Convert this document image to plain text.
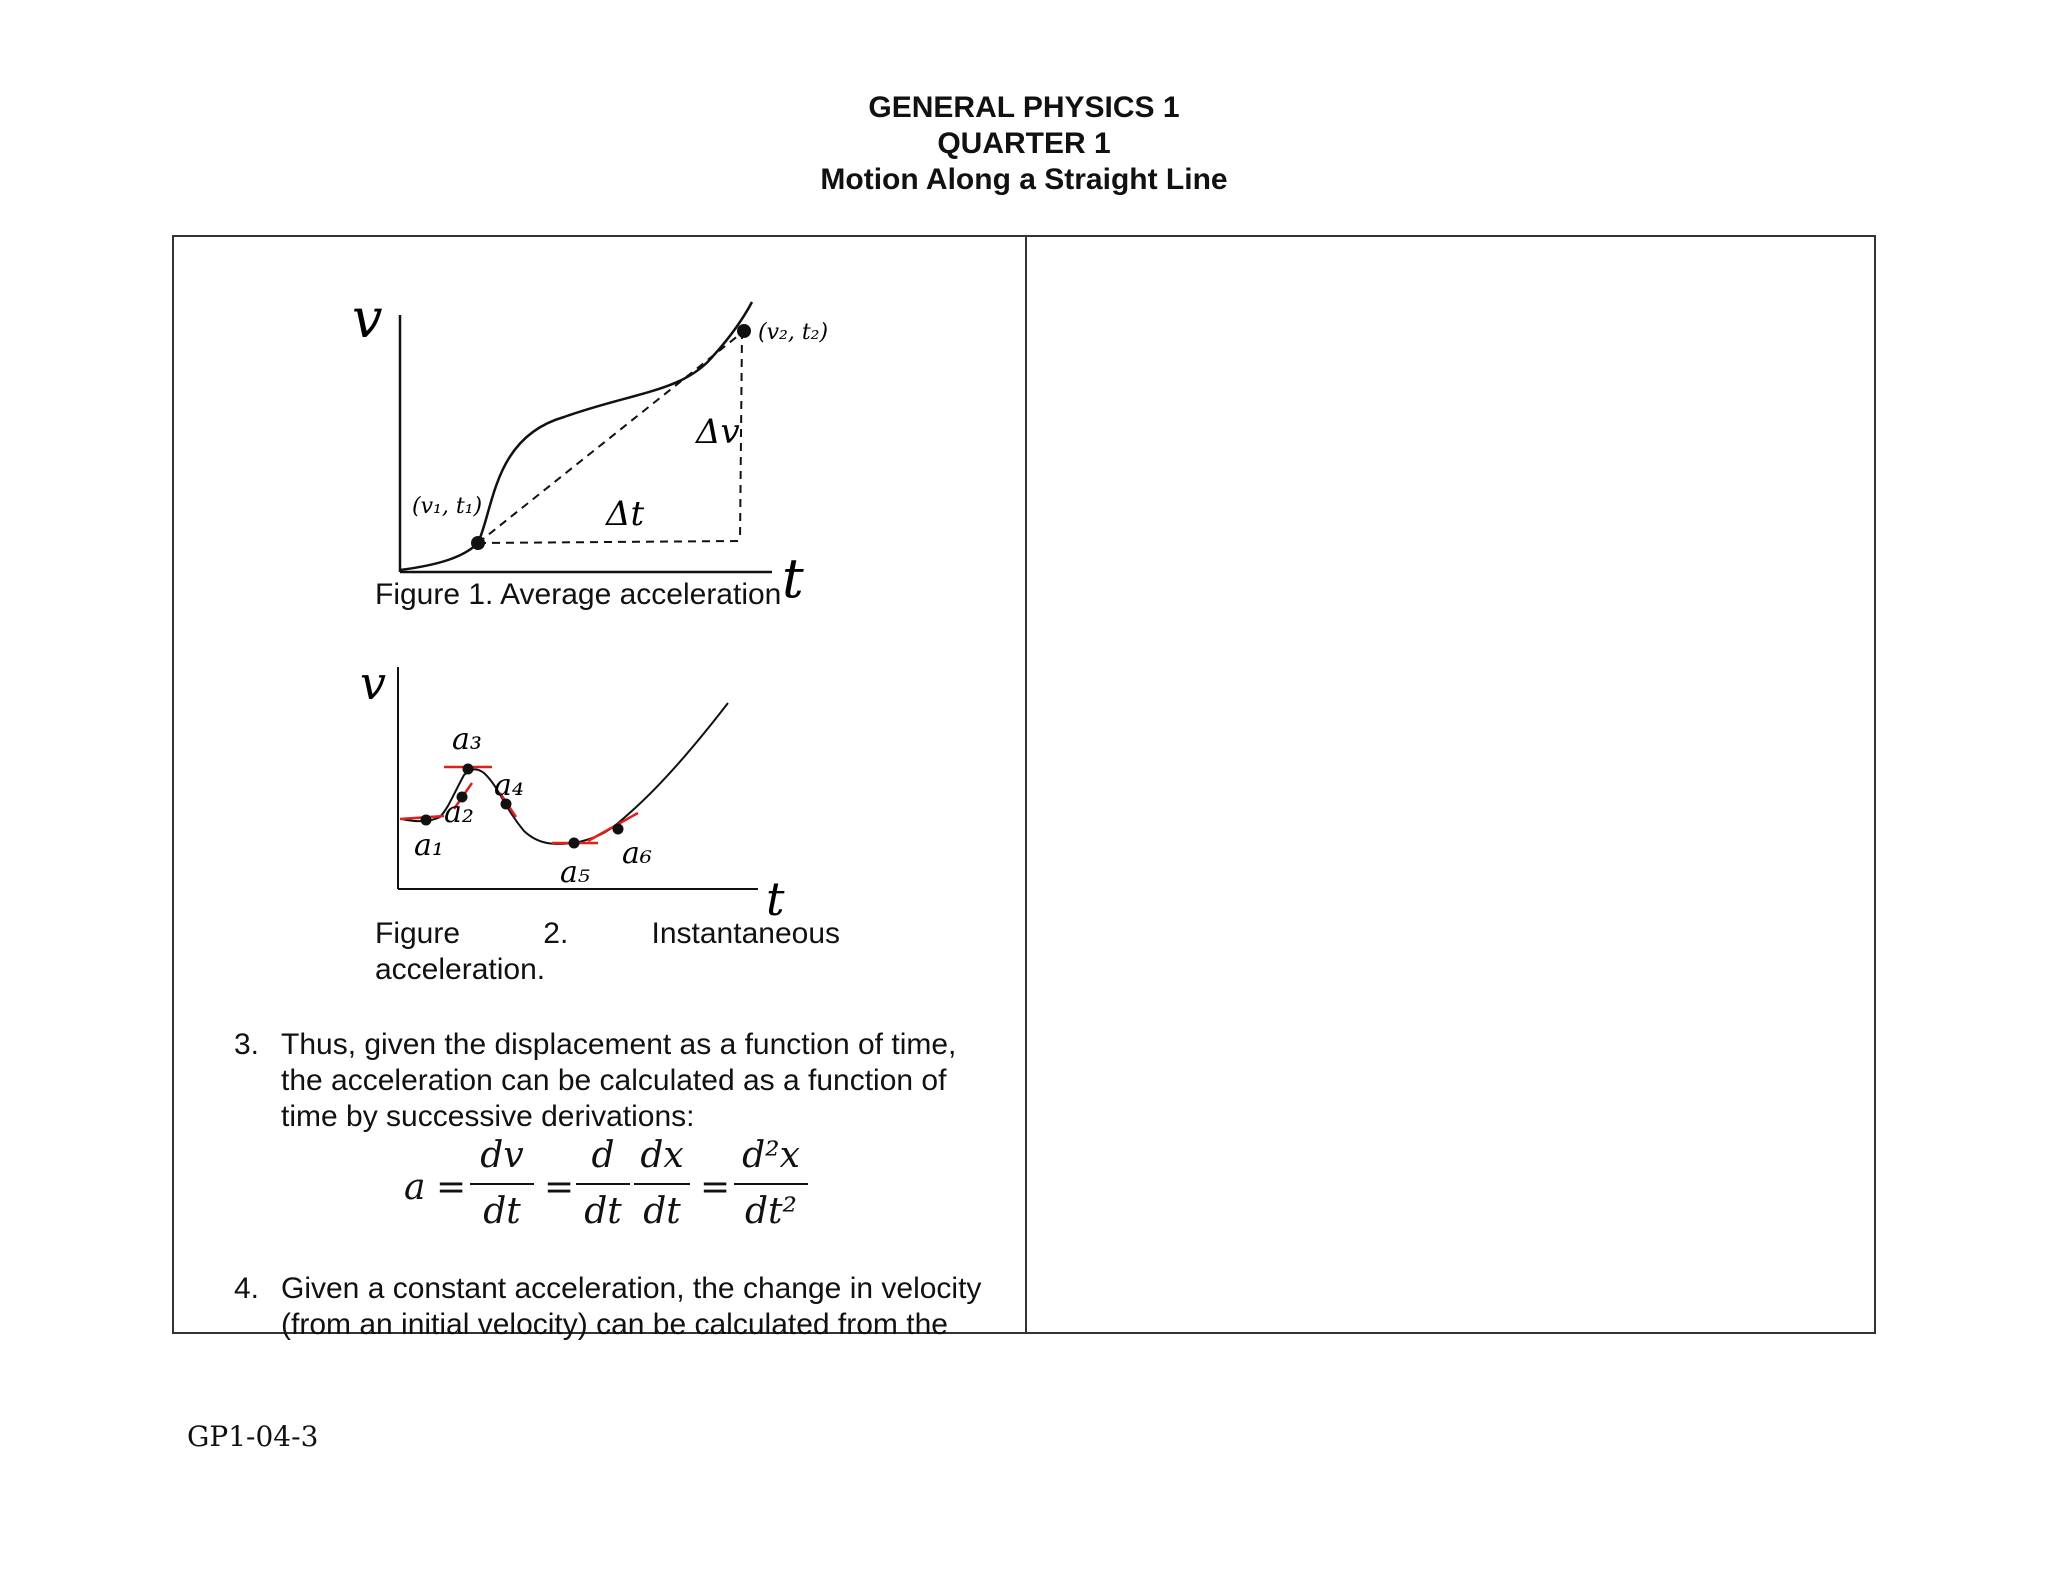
GENERAL PHYSICS 1
QUARTER 1
Motion Along a Straight Line
v
t
(v₁, t₁)
(v₂, t₂)
Δv
Δt
Figure 1. Average acceleration
v
t
a₁
a₂
a₃
a₄
a₅
a₆
Figure	2.	Instantaneous
acceleration.
3. Thus, given the displacement as a function of time, the acceleration can be calculated as a function of time by successive derivations:
a =
dv
dt
=
d
dt
dx
dt
=
d²x
dt²
4. Given a constant acceleration, the change in velocity (from an initial velocity) can be calculated from the
GP1-04-3
